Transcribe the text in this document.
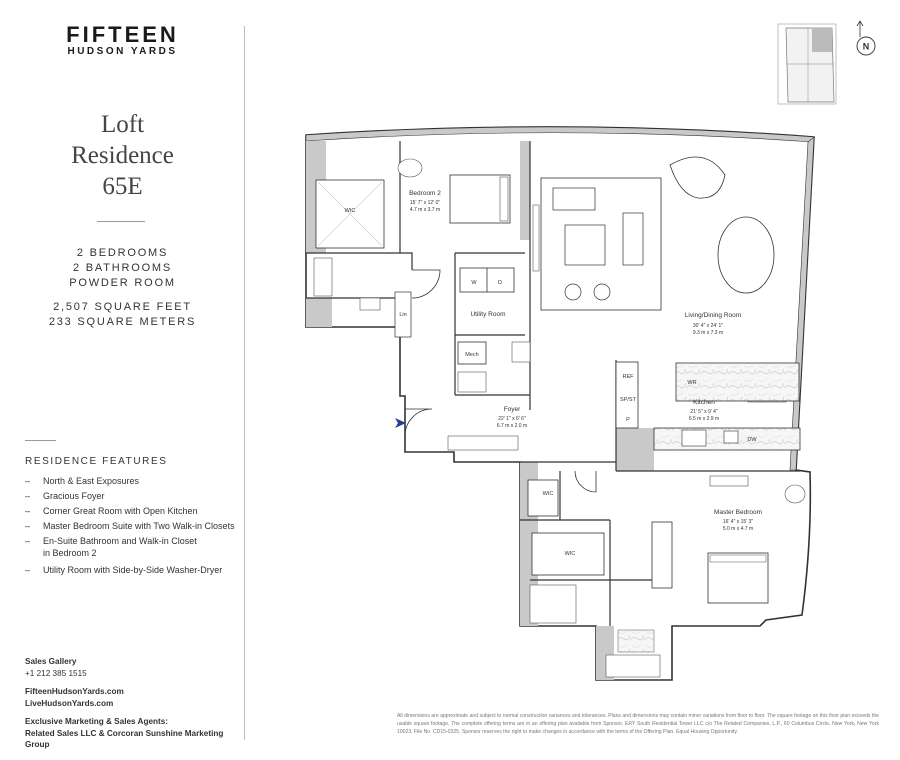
FIFTEEN
HUDSON YARDS
Loft
Residence
65E
2 BEDROOMS
2 BATHROOMS
POWDER ROOM
2,507 SQUARE FEET
233 SQUARE METERS
RESIDENCE FEATURES
– North & East Exposures
– Gracious Foyer
– Corner Great Room with Open Kitchen
– Master Bedroom Suite with Two Walk-in Closets
– En-Suite Bathroom and Walk-in Closet
in Bedroom 2
– Utility Room with Side-by-Side Washer-Dryer
Sales Gallery
+1 212 385 1515
FifteenHudsonYards.com
LiveHudsonYards.com
Exclusive Marketing & Sales Agents:
Related Sales LLC & Corcoran Sunshine Marketing Group
N
Bedroom 2
15' 7" x 12' 0"
4.7 m x 3.7 m
Living/Dining Room
30' 4" x 24' 1"
9.3 m x 7.3 m
Kitchen
21' 5" x 9' 4"
6.5 m x 2.9 m
Foyer
22' 1" x 6' 6"
6.7 m x 2.0 m
Master Bedroom
16' 4" x 15' 3"
5.0 m x 4.7 m
Utility Room
WIC
Lin
Mech
W	D
REF
SP/ST
P
WR
DW
WIC
WIC
All dimensions are approximate and subject to normal construction variances and tolerances. Plans and dimensions may contain minor variations from floor to floor. The square footage on this floor plan exceeds the usable square footage. The complete offering terms are in an offering plan available from Sponsor, ERY South Residential Tower LLC c/o The Related Companies, L.P., 60 Columbus Circle, New York, New York 10023. File No. CD15-0325. Sponsor reserves the right to make changes in accordance with the terms of the Offering Plan. Equal Housing Opportunity.
